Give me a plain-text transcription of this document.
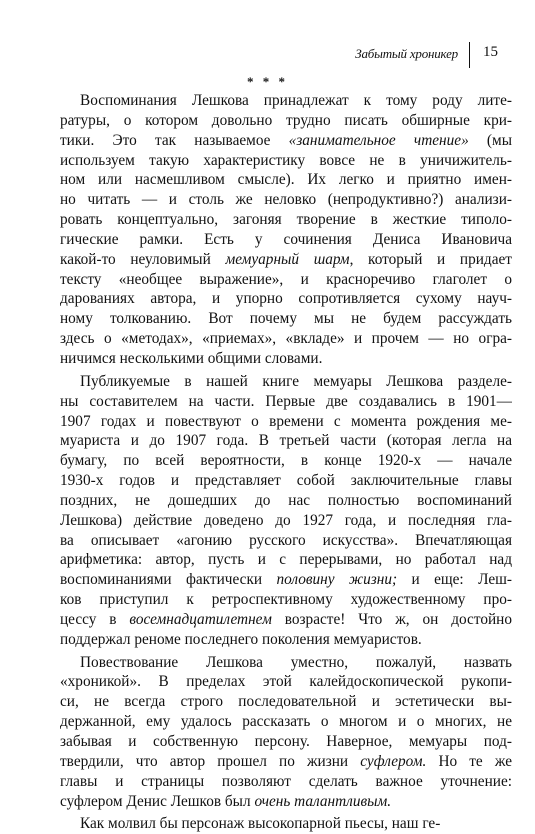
Забытый хроникер 15
* * *
Воспоминания Лешкова принадлежат к тому роду лите-
ратуры, о котором довольно трудно писать обширные кри-
тики. Это так называемое «занимательное чтение» (мы
используем такую характеристику вовсе не в уничижитель-
ном или насмешливом смысле). Их легко и приятно имен-
но читать — и столь же неловко (непродуктивно?) анализи-
ровать концептуально, загоняя творение в жесткие типоло-
гические рамки. Есть у сочинения Дениса Ивановича
какой-то неуловимый мемуарный шарм, который и придает
тексту «необщее выражение», и красноречиво глаголет о
дарованиях автора, и упорно сопротивляется сухому науч-
ному толкованию. Вот почему мы не будем рассуждать
здесь о «методах», «приемах», «вкладе» и прочем — но огра-
ничимся несколькими общими словами.
Публикуемые в нашей книге мемуары Лешкова разделе-
ны составителем на части. Первые две создавались в 1901—
1907 годах и повествуют о времени с момента рождения ме-
муариста и до 1907 года. В третьей части (которая легла на
бумагу, по всей вероятности, в конце 1920-х — начале
1930-х годов и представляет собой заключительные главы
поздних, не дошедших до нас полностью воспоминаний
Лешкова) действие доведено до 1927 года, и последняя гла-
ва описывает «агонию русского искусства». Впечатляющая
арифметика: автор, пусть и с перерывами, но работал над
воспоминаниями фактически половину жизни; и еще: Леш-
ков приступил к ретроспективному художественному про-
цессу в восемнадцатилетнем возрасте! Что ж, он достойно
поддержал реноме последнего поколения мемуаристов.
Повествование Лешкова уместно, пожалуй, назвать
«хроникой». В пределах этой калейдоскопической рукопи-
си, не всегда строго последовательной и эстетически вы-
держанной, ему удалось рассказать о многом и о многих, не
забывая и собственную персону. Наверное, мемуары под-
твердили, что автор прошел по жизни суфлером. Но те же
главы и страницы позволяют сделать важное уточнение:
суфлером Денис Лешков был очень талантливым.
Как молвил бы персонаж высокопарной пьесы, наш ге-
